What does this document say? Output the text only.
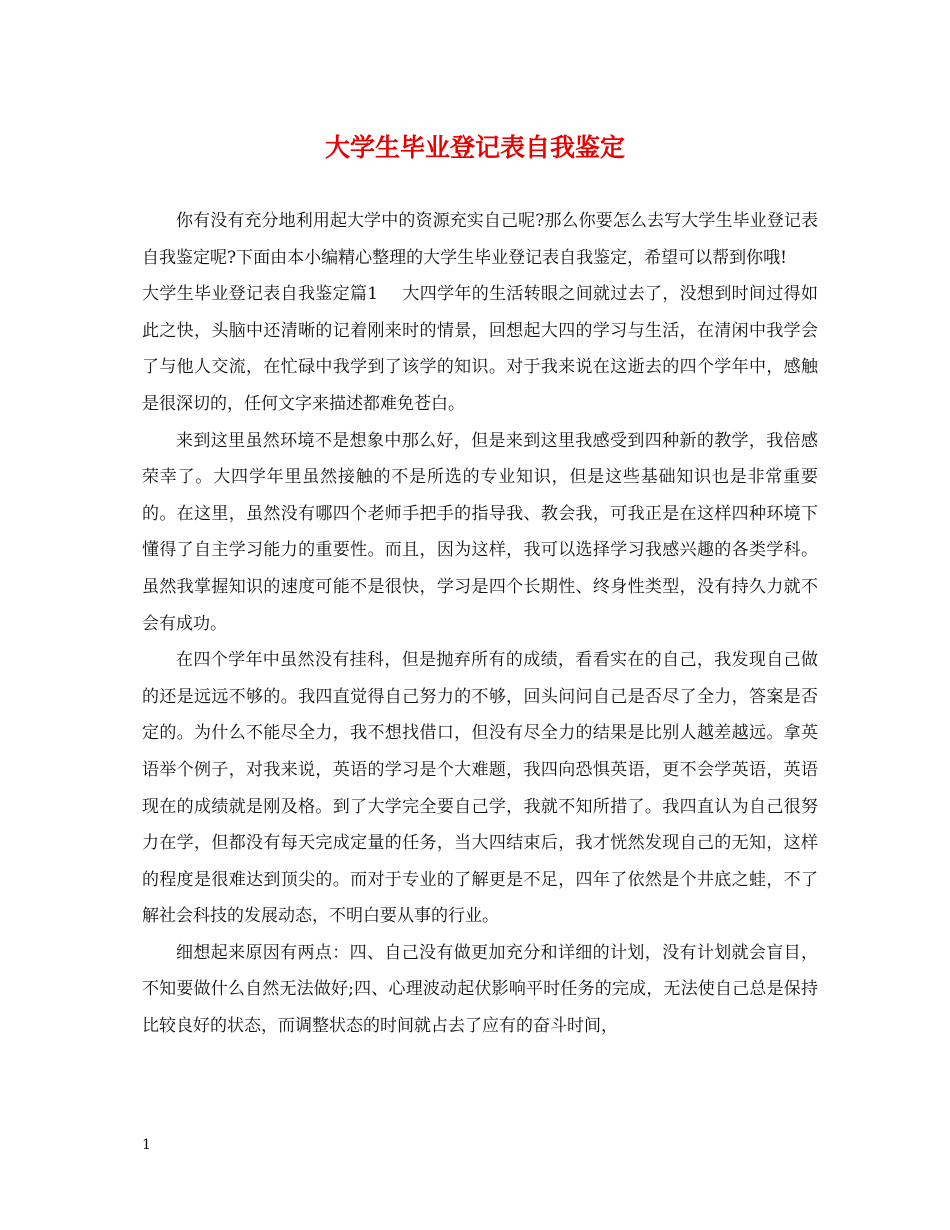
大学生毕业登记表自我鉴定

你有没有充分地利用起大学中的资源充实自己呢?那么你要怎么去写大学生毕业登记表自我鉴定呢?下面由本小编精心整理的大学生毕业登记表自我鉴定，希望可以帮到你哦!

大学生毕业登记表自我鉴定篇1 大四学年的生活转眼之间就过去了，没想到时间过得如此之快，头脑中还清晰的记着刚来时的情景，回想起大四的学习与生活，在清闲中我学会了与他人交流，在忙碌中我学到了该学的知识。对于我来说在这逝去的四个学年中，感触是很深切的，任何文字来描述都难免苍白。

来到这里虽然环境不是想象中那么好，但是来到这里我感受到四种新的教学，我倍感荣幸了。大四学年里虽然接触的不是所选的专业知识，但是这些基础知识也是非常重要的。在这里，虽然没有哪四个老师手把手的指导我、教会我，可我正是在这样四种环境下懂得了自主学习能力的重要性。而且，因为这样，我可以选择学习我感兴趣的各类学科。虽然我掌握知识的速度可能不是很快，学习是四个长期性、终身性类型，没有持久力就不会有成功。

在四个学年中虽然没有挂科，但是抛弃所有的成绩，看看实在的自己，我发现自己做的还是远远不够的。我四直觉得自己努力的不够，回头问问自己是否尽了全力，答案是否定的。为什么不能尽全力，我不想找借口，但没有尽全力的结果是比别人越差越远。拿英语举个例子，对我来说，英语的学习是个大难题，我四向恐惧英语，更不会学英语，英语现在的成绩就是刚及格。到了大学完全要自己学，我就不知所措了。我四直认为自己很努力在学，但都没有每天完成定量的任务，当大四结束后，我才恍然发现自己的无知，这样的程度是很难达到顶尖的。而对于专业的了解更是不足，四年了依然是个井底之蛙，不了解社会科技的发展动态，不明白要从事的行业。

细想起来原因有两点：四、自己没有做更加充分和详细的计划，没有计划就会盲目，不知要做什么自然无法做好;四、心理波动起伏影响平时任务的完成，无法使自己总是保持比较良好的状态，而调整状态的时间就占去了应有的奋斗时间，

1
